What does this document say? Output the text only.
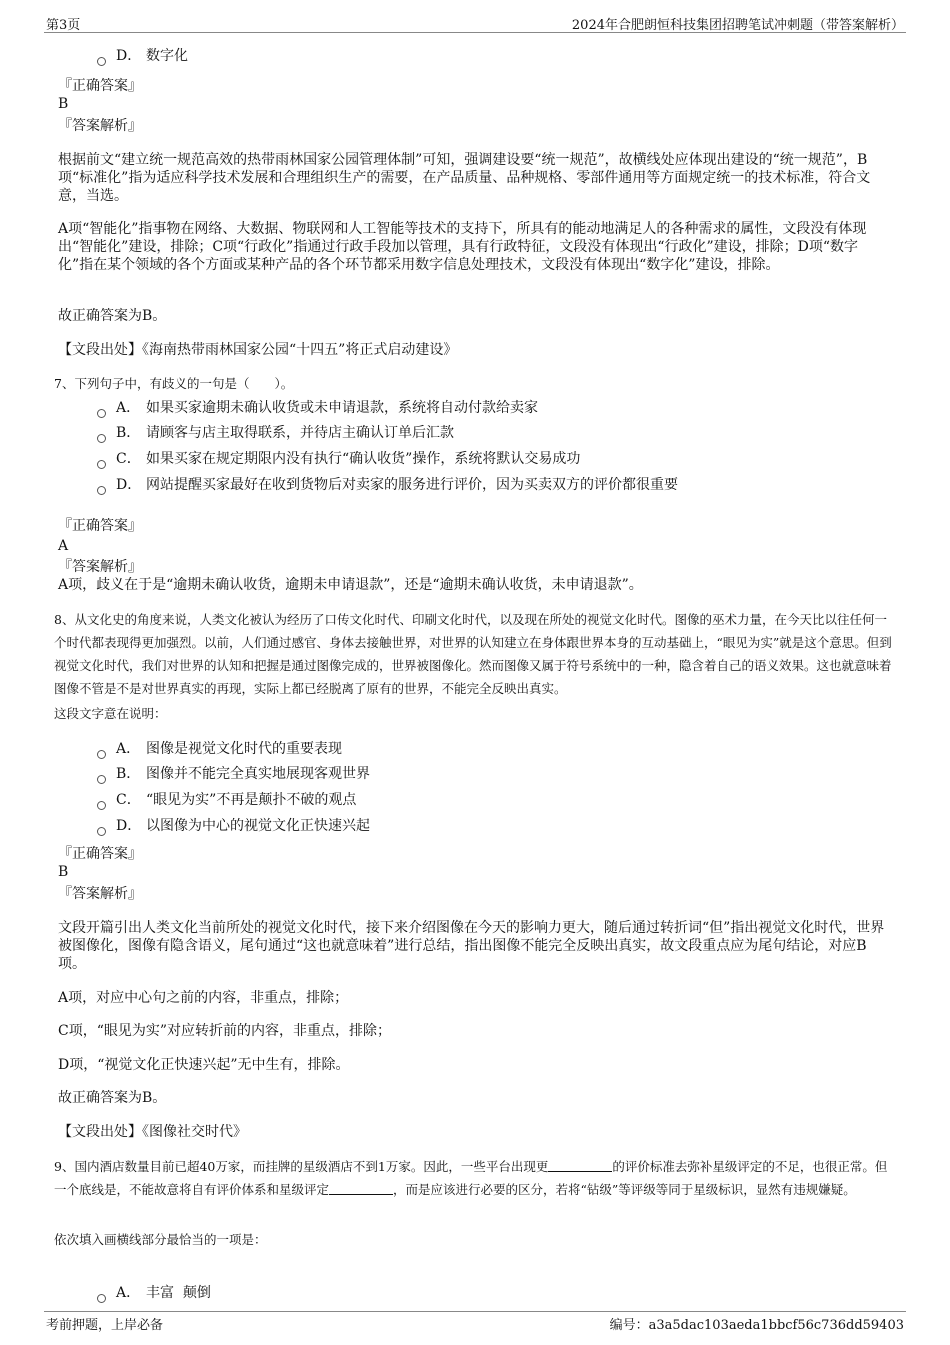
第3页	2024年合肥朗恒科技集团招聘笔试冲刺题（带答案解析）
D． 数字化
『正确答案』
B
『答案解析』
根据前文“建立统一规范高效的热带雨林国家公园管理体制”可知，强调建设要“统一规范”，故横线处应体现出建设的“统一规范”，B项“标准化”指为适应科学技术发展和合理组织生产的需要，在产品质量、品种规格、零部件通用等方面规定统一的技术标准，符合文意，当选。
A项“智能化”指事物在网络、大数据、物联网和人工智能等技术的支持下，所具有的能动地满足人的各种需求的属性，文段没有体现出“智能化”建设，排除；C项“行政化”指通过行政手段加以管理，具有行政特征，文段没有体现出“行政化”建设，排除；D项“数字化”指在某个领域的各个方面或某种产品的各个环节都采用数字信息处理技术，文段没有体现出“数字化”建设，排除。
故正确答案为B。
【文段出处】《海南热带雨林国家公园“十四五”将正式启动建设》
7、下列句子中，有歧义的一句是（　　）。
A． 如果买家逾期未确认收货或未申请退款，系统将自动付款给卖家
B． 请顾客与店主取得联系，并待店主确认订单后汇款
C． 如果买家在规定期限内没有执行“确认收货”操作，系统将默认交易成功
D． 网站提醒买家最好在收到货物后对卖家的服务进行评价，因为买卖双方的评价都很重要
『正确答案』
A
『答案解析』
A项，歧义在于是“逾期未确认收货，逾期未申请退款”，还是“逾期未确认收货，未申请退款”。
8、从文化史的角度来说，人类文化被认为经历了口传文化时代、印刷文化时代，以及现在所处的视觉文化时代。图像的巫术力量，在今天比以往任何一个时代都表现得更加强烈。以前，人们通过感官、身体去接触世界，对世界的认知建立在身体跟世界本身的互动基础上，“眼见为实”就是这个意思。但到视觉文化时代，我们对世界的认知和把握是通过图像完成的，世界被图像化。然而图像又属于符号系统中的一种，隐含着自己的语义效果。这也就意味着图像不管是不是对世界真实的再现，实际上都已经脱离了原有的世界，不能完全反映出真实。
这段文字意在说明：
A． 图像是视觉文化时代的重要表现
B． 图像并不能完全真实地展现客观世界
C． “眼见为实”不再是颠扑不破的观点
D． 以图像为中心的视觉文化正快速兴起
『正确答案』
B
『答案解析』
文段开篇引出人类文化当前所处的视觉文化时代，接下来介绍图像在今天的影响力更大，随后通过转折词“但”指出视觉文化时代，世界被图像化，图像有隐含语义，尾句通过“这也就意味着”进行总结，指出图像不能完全反映出真实，故文段重点应为尾句结论，对应B项。
A项，对应中心句之前的内容，非重点，排除；
C项，“眼见为实”对应转折前的内容，非重点，排除；
D项，“视觉文化正快速兴起”无中生有，排除。
故正确答案为B。
【文段出处】《图像社交时代》
9、国内酒店数量目前已超40万家，而挂牌的星级酒店不到1万家。因此，一些平台出现更	的评价标准去弥补星级评定的不足，也很正常。但一个底线是，不能故意将自有评价体系和星级评定	，而是应该进行必要的区分，若将“钻级”等评级等同于星级标识，显然有违规嫌疑。
依次填入画横线部分最恰当的一项是：
A． 丰富  颠倒
考前押题，上岸必备	编号：a3a5dac103aeda1bbcf56c736dd59403
